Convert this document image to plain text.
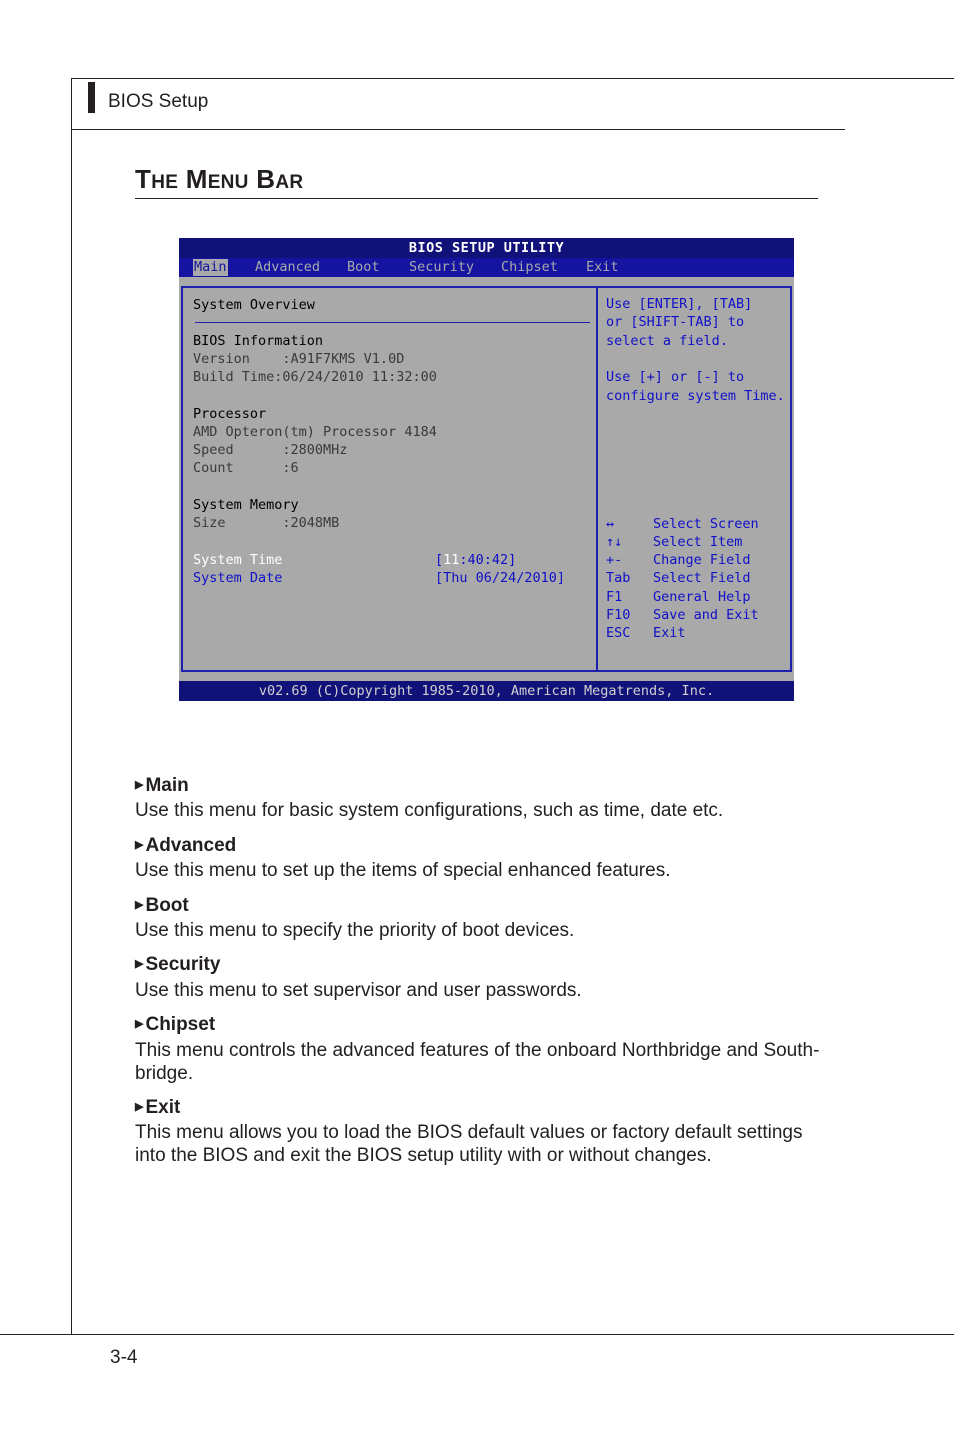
BIOS Setup
THE MENU BAR
BIOS SETUP UTILITY
Main Advanced Boot Security Chipset Exit
System Overview
BIOS Information
Version    :A91F7KMS V1.0D
Build Time:06/24/2010 11:32:00
Processor
AMD Opteron(tm) Processor 4184
Speed      :2800MHz
Count      :6
System Memory
Size       :2048MB
System Time	[11:40:42]
System Date	[Thu 06/24/2010]
Use [ENTER], [TAB]
or [SHIFT-TAB] to
select a field.
Use [+] or [-] to
configure system Time.
↔	Select Screen
↑↓ Select Item
+- Change Field
Tab Select Field
F1 General Help
F10 Save and Exit
ESC Exit
v02.69 (C)Copyright 1985-2010, American Megatrends, Inc.
▶ Main
Use this menu for basic system configurations, such as time, date etc.
▶ Advanced
Use this menu to set up the items of special enhanced features.
▶ Boot
Use this menu to specify the priority of boot devices.
▶ Security
Use this menu to set supervisor and user passwords.
▶ Chipset
This menu controls the advanced features of the onboard Northbridge and South-
bridge.
▶ Exit
This menu allows you to load the BIOS default values or factory default settings
into the BIOS and exit the BIOS setup utility with or without changes.
3-4
